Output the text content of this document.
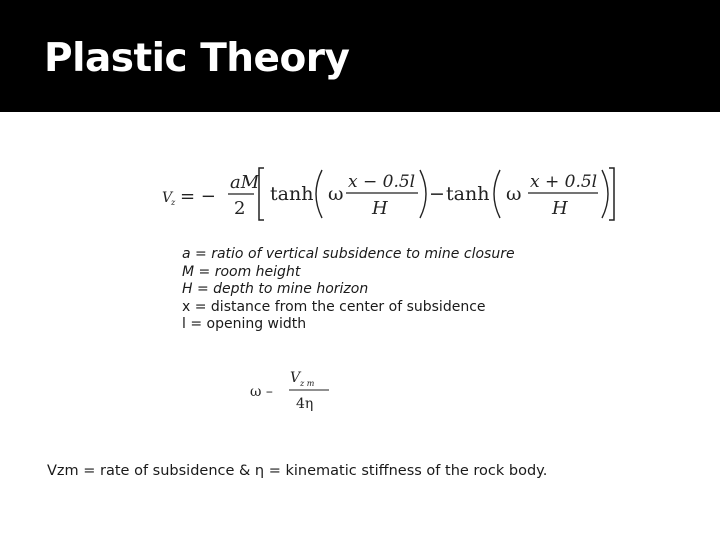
Plastic Theory
V
z = −
aM
2
tanh ω
x − 0.5l
H
− tanh ω
x + 0.5l
H
a = ratio of vertical subsidence to mine closure
M = room height
H = depth to mine horizon
x = distance from the center of subsidence
l = opening width
ω –
V z m
4η
Vzm = rate of subsidence & η = kinematic stiffness of the rock body.
